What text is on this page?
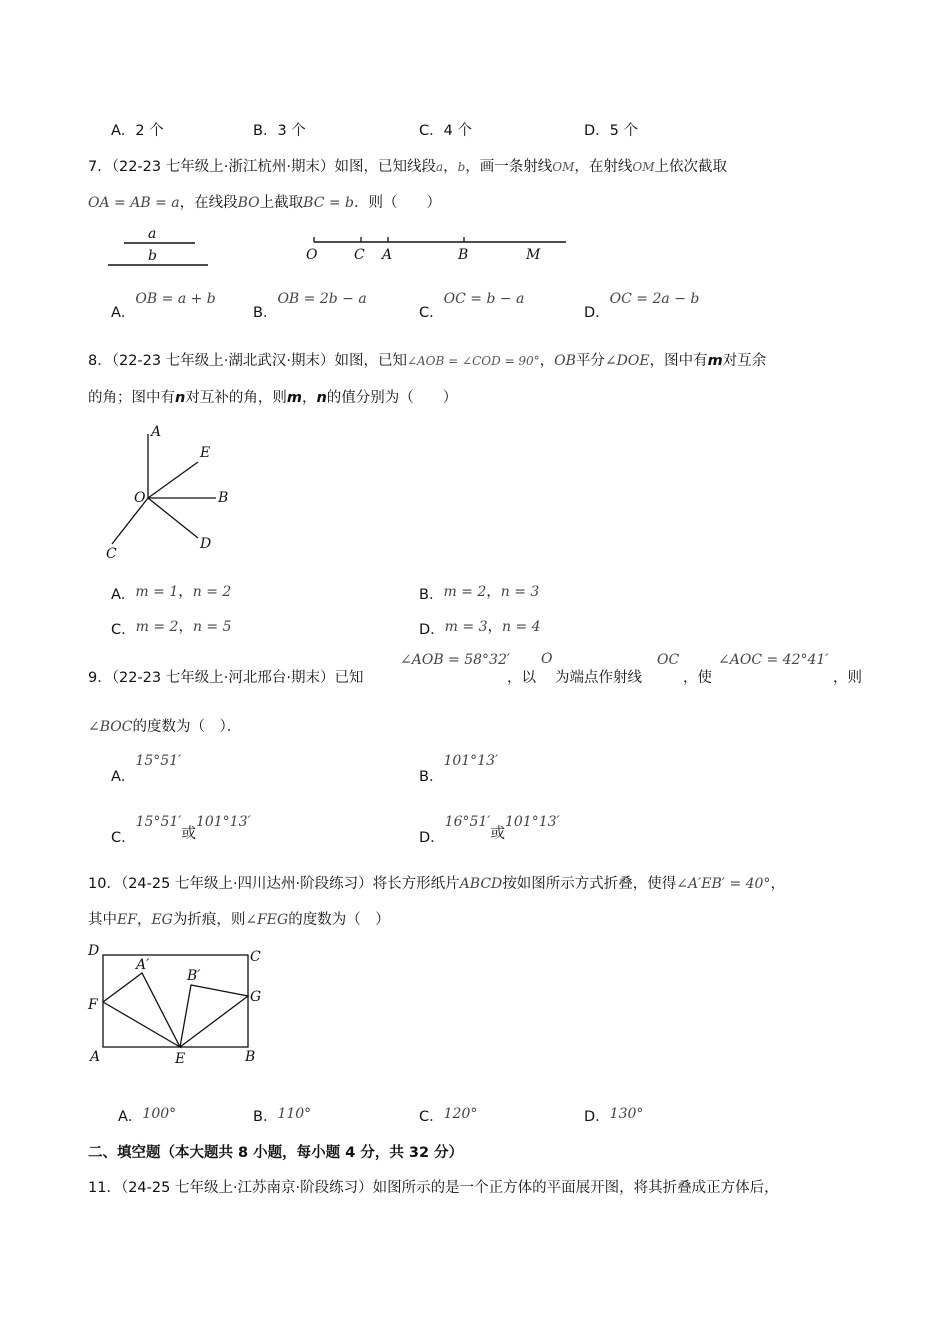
A．2 个	B．3 个	C．4 个	D．5 个
7．（22-23 七年级上·浙江杭州·期末）如图，已知线段a，b，画一条射线OM，在射线OM上依次截取
OA = AB = a，在线段BO上截取BC = b．则（　　）
a
b	O	C A	B	M
A．OB = a + b
B．OB = 2b − a
C．OC = b − a
D．OC = 2a − b
8．（22-23 七年级上·湖北武汉·期末）如图，已知∠AOB = ∠COD = 90°，OB平分∠DOE，图中有m对互余
的角；图中有n对互补的角，则m，n的值分别为（　　）
A
E
O	B
C
D
A．m = 1，n = 2	B．m = 2，n = 3
C．m = 2，n = 5	D．m = 3，n = 4
9．（22-23 七年级上·河北邢台·期末）已知
∠AOB = 58°32′
，以
O
为端点作射线
OC
，使
∠AOC = 42°41′
，则
∠BOC的度数为（　）．
A．15°51′
B．101°13′
C．15°51′或101°13′
D．16°51′或101°13′
10．（24-25 七年级上·四川达州·阶段练习）将长方形纸片ABCD按如图所示方式折叠，使得∠A′EB′ = 40°，
其中EF，EG为折痕，则∠FEG的度数为（　）
D	C
A′
B′
F	G
A	E	B
A．100°	B．110°	C．120°	D．130°
二、填空题（本大题共 8 小题，每小题 4 分，共 32 分）
11．（24-25 七年级上·江苏南京·阶段练习）如图所示的是一个正方体的平面展开图，将其折叠成正方体后，
